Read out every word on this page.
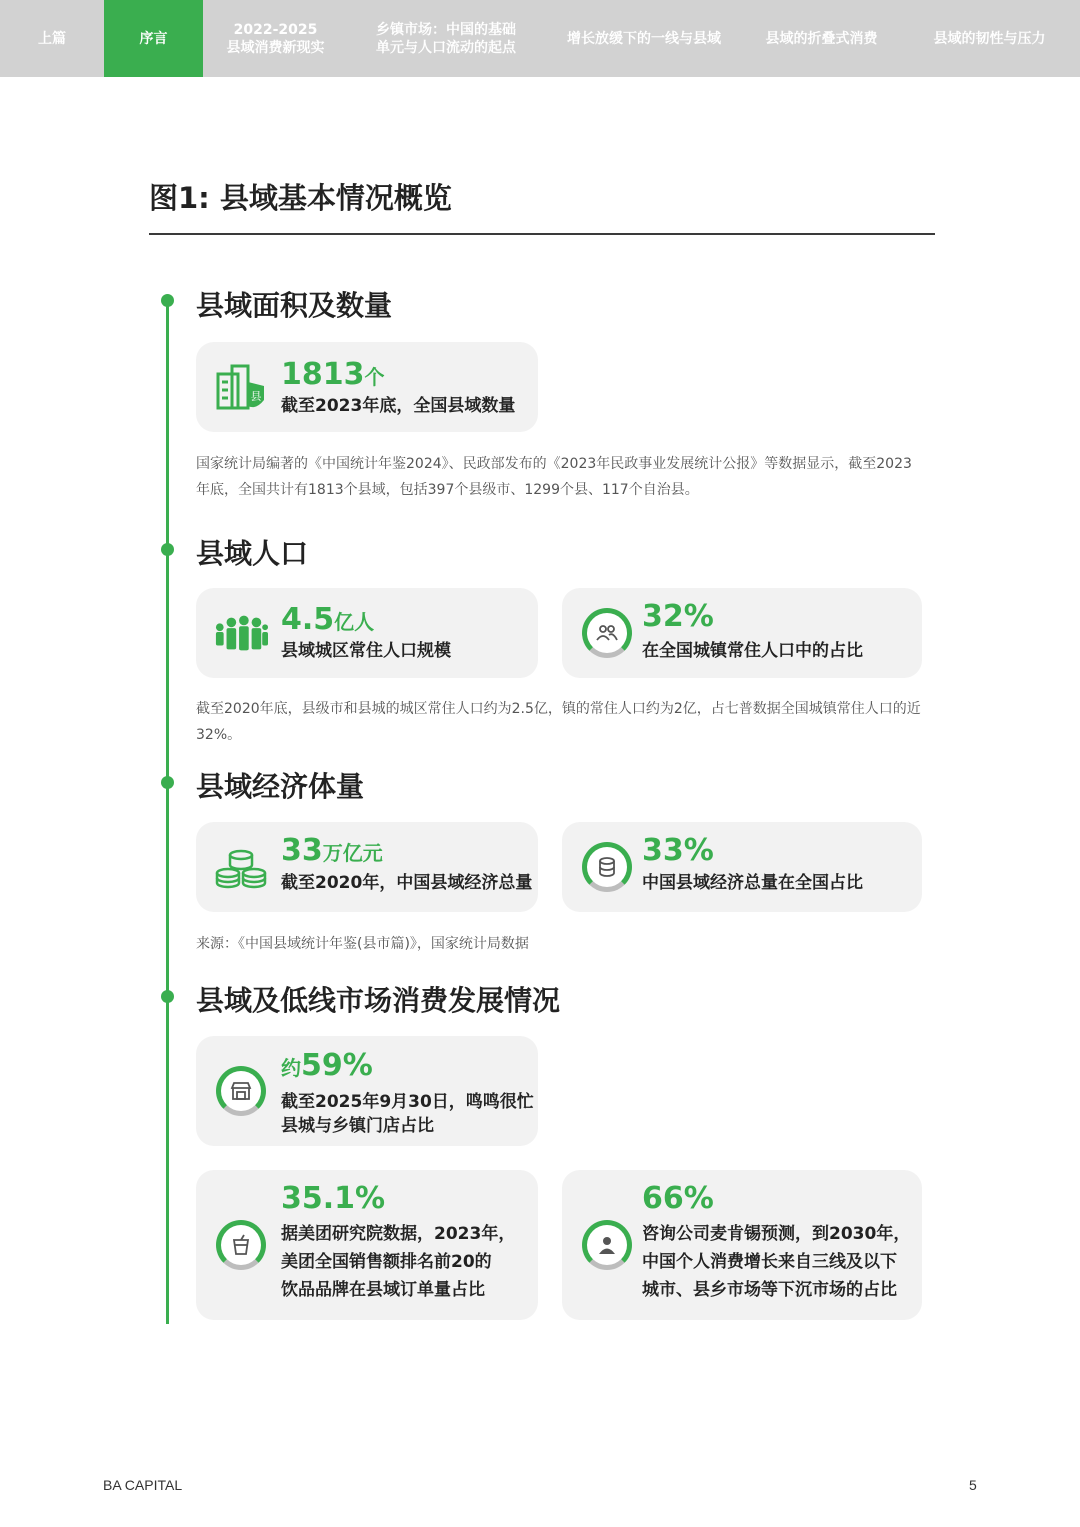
上篇	序言
2022-2025
县域消费新现实
乡镇市场：中国的基础
单元与人口流动的起点
增长放缓下的一线与县域	县域的折叠式消费	县域的韧性与压力
图1: 县域基本情况概览
县域面积及数量
县
1813个
截至2023年底，全国县域数量
国家统计局编著的《中国统计年鉴2024》、民政部发布的《2023年民政事业发展统计公报》等数据显示，截至2023年底，全国共计有1813个县域，包括397个县级市、1299个县、117个自治县。
县域人口
4.5亿人
县域城区常住人口规模
32%
在全国城镇常住人口中的占比
截至2020年底，县级市和县城的城区常住人口约为2.5亿，镇的常住人口约为2亿，占七普数据全国城镇常住人口的近32%。
县域经济体量
33万亿元
截至2020年，中国县域经济总量
33%
中国县域经济总量在全国占比
来源：《中国县域统计年鉴(县市篇)》，国家统计局数据
县域及低线市场消费发展情况
约59%
截至2025年9月30日，鸣鸣很忙
县城与乡镇门店占比
35.1%
据美团研究院数据，2023年，
美团全国销售额排名前20的
饮品品牌在县域订单量占比
66%
咨询公司麦肯锡预测，到2030年，
中国个人消费增长来自三线及以下
城市、县乡市场等下沉市场的占比
BA CAPITAL	5
